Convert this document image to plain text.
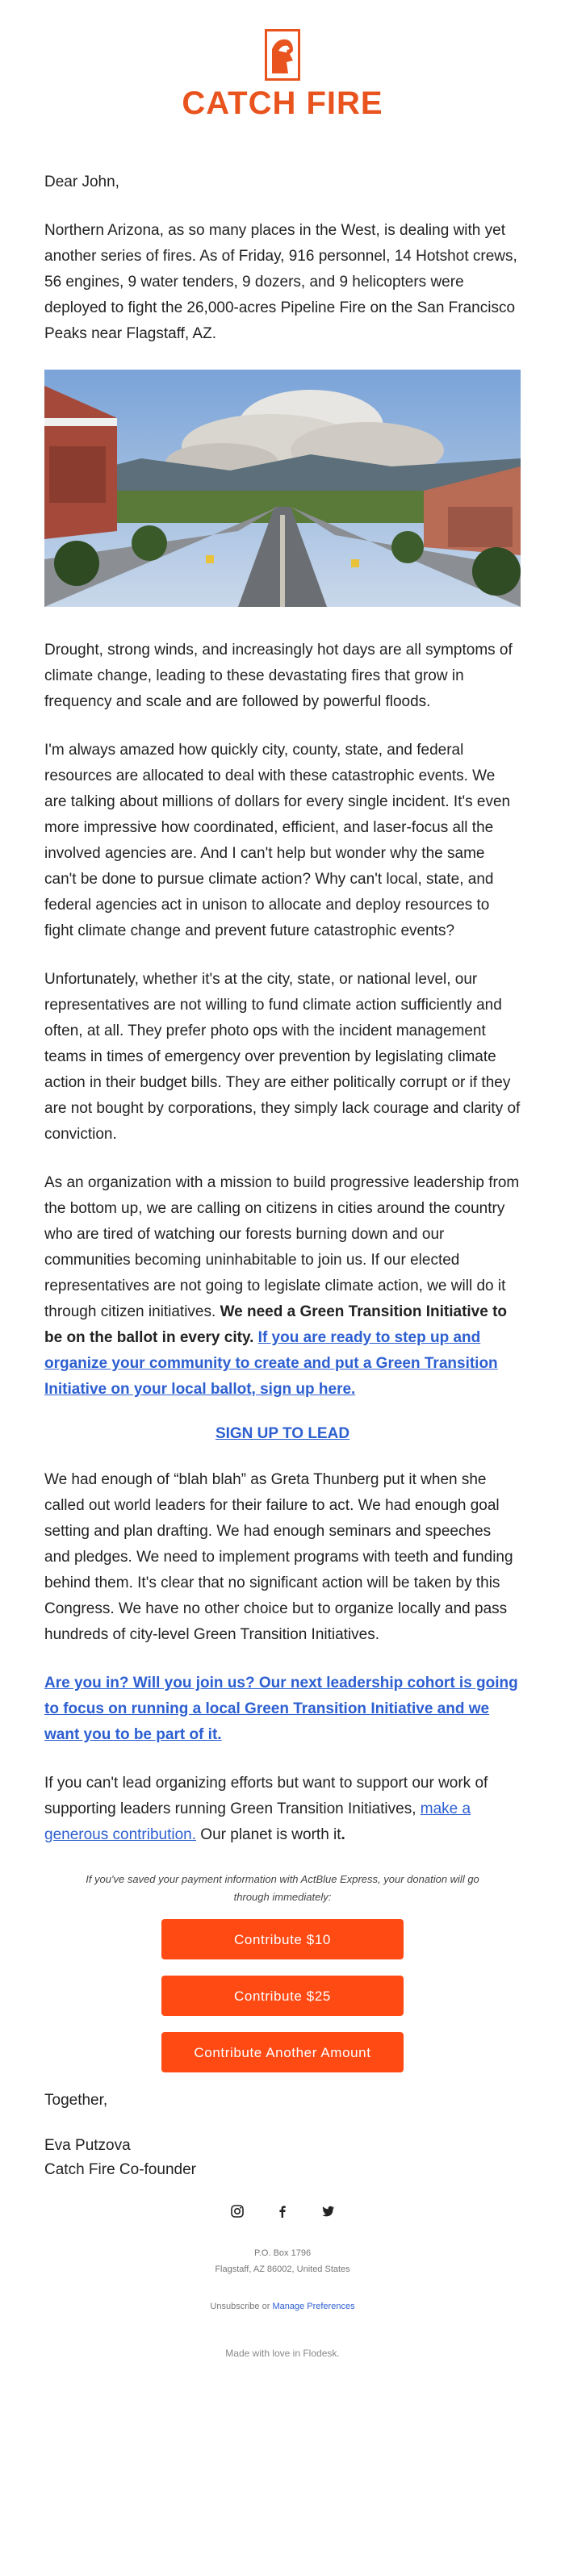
CATCH FIRE

Dear John,

Northern Arizona, as so many places in the West, is dealing with yet another series of fires. As of Friday, 916 personnel, 14 Hotshot crews, 56 engines, 9 water tenders, 9 dozers, and 9 helicopters were deployed to fight the 26,000-acres Pipeline Fire on the San Francisco Peaks near Flagstaff, AZ.

Drought, strong winds, and increasingly hot days are all symptoms of climate change, leading to these devastating fires that grow in frequency and scale and are followed by powerful floods.

I'm always amazed how quickly city, county, state, and federal resources are allocated to deal with these catastrophic events. We are talking about millions of dollars for every single incident. It's even more impressive how coordinated, efficient, and laser-focus all the involved agencies are. And I can't help but wonder why the same can't be done to pursue climate action? Why can't local, state, and federal agencies act in unison to allocate and deploy resources to fight climate change and prevent future catastrophic events?

Unfortunately, whether it's at the city, state, or national level, our representatives are not willing to fund climate action sufficiently and often, at all. They prefer photo ops with the incident management teams in times of emergency over prevention by legislating climate action in their budget bills. They are either politically corrupt or if they are not bought by corporations, they simply lack courage and clarity of conviction.

As an organization with a mission to build progressive leadership from the bottom up, we are calling on citizens in cities around the country who are tired of watching our forests burning down and our communities becoming uninhabitable to join us. If our elected representatives are not going to legislate climate action, we will do it through citizen initiatives. We need a Green Transition Initiative to be on the ballot in every city. If you are ready to step up and organize your community to create and put a Green Transition Initiative on your local ballot, sign up here.

SIGN UP TO LEAD

We had enough of “blah blah” as Greta Thunberg put it when she called out world leaders for their failure to act. We had enough goal setting and plan drafting. We had enough seminars and speeches and pledges. We need to implement programs with teeth and funding behind them. It's clear that no significant action will be taken by this Congress. We have no other choice but to organize locally and pass hundreds of city-level Green Transition Initiatives.

Are you in? Will you join us? Our next leadership cohort is going to focus on running a local Green Transition Initiative and we want you to be part of it.

If you can't lead organizing efforts but want to support our work of supporting leaders running Green Transition Initiatives, make a generous contribution. Our planet is worth it.

If you've saved your payment information with ActBlue Express, your donation will go through immediately:
Contribute $10
Contribute $25
Contribute Another Amount

Together,

Eva Putzova
Catch Fire Co-founder

P.O. Box 1796
Flagstaff, AZ 86002, United States
Unsubscribe or Manage Preferences
Made with love in Flodesk.
